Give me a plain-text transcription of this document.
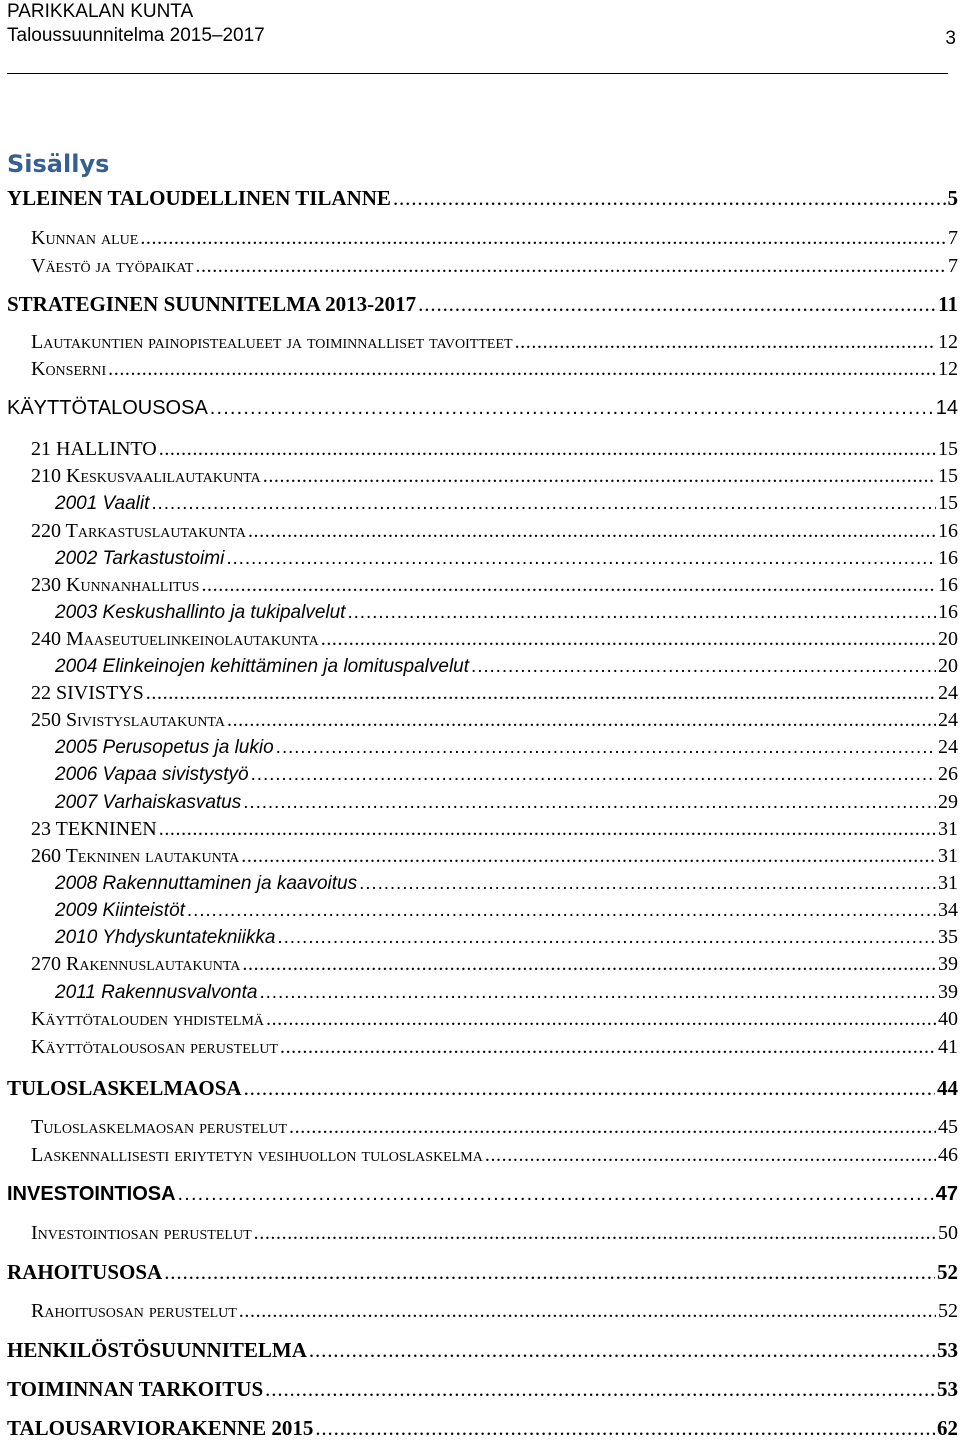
PARIKKALAN KUNTA
Taloussuunnitelma 2015–2017	3
Sisällys
YLEINEN TALOUDELLINEN TILANNE . . .	5
Kunnan alue . . .	7
Väestö ja työpaikat . . .	7
STRATEGINEN SUUNNITELMA 2013-2017 . . .	11
Lautakuntien painopistealueet ja toiminnalliset tavoitteet . . .	12
Konserni . . .	12
KÄYTTÖTALOUSOSA . . .	14
21 HALLINTO . . .	15
210 Keskusvaalilautakunta . . .	15
2001 Vaalit . . .	15
220 Tarkastuslautakunta . . .	16
2002 Tarkastustoimi . . .	16
230 Kunnanhallitus . . .	16
2003 Keskushallinto ja tukipalvelut . . .	16
240 Maaseutuelinkeinolautakunta . . .	20
2004 Elinkeinojen kehittäminen ja lomituspalvelut . . .	20
22 SIVISTYS . . .	24
250 Sivistyslautakunta . . .	24
2005 Perusopetus ja lukio . . .	24
2006 Vapaa sivistystyö . . .	26
2007 Varhaiskasvatus . . .	29
23 TEKNINEN . . .	31
260 Tekninen lautakunta . . .	31
2008 Rakennuttaminen ja kaavoitus . . .	31
2009 Kiinteistöt . . .	34
2010 Yhdyskuntatekniikka . . .	35
270 Rakennuslautakunta . . .	39
2011 Rakennusvalvonta . . .	39
Käyttötalouden yhdistelmä . . .	40
Käyttötalousosan perustelut . . .	41
TULOSLASKELMAOSA . . .	44
Tuloslaskelmaosan perustelut . . .	45
Laskennallisesti eriytetyn vesihuollon tuloslaskelma . . .	46
INVESTOINTIOSA . . .	47
Investointiosan perustelut . . .	50
RAHOITUSOSA . . .	52
Rahoitusosan perustelut . . .	52
HENKILÖSTÖSUUNNITELMA . . .	53
TOIMINNAN TARKOITUS . . .	53
TALOUSARVIORAKENNE 2015 . . .	62
